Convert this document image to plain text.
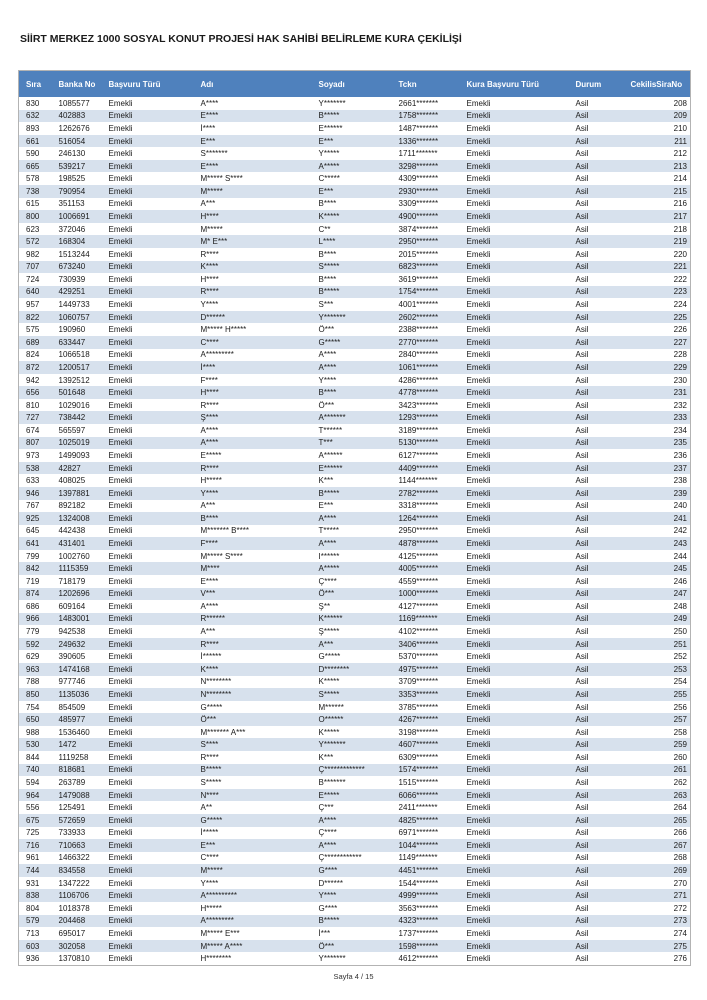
SİİRT MERKEZ 1000 SOSYAL KONUT PROJESİ HAK SAHİBİ BELİRLEME KURA ÇEKİLİŞİ
Sıra	Banka No	Başvuru Türü	Adı	Soyadı	Tckn	Kura Başvuru Türü	Durum	CekilisSiraNo
830	1085577	Emekli	A****	Y*******	2661*******	Emekli	Asil	208
632	402883	Emekli	E****	B*****	1758*******	Emekli	Asil	209
893	1262676	Emekli	İ****	E******	1487*******	Emekli	Asil	210
661	516054	Emekli	E***	E***	1336*******	Emekli	Asil	211
590	246130	Emekli	S*******	Y*****	1711*******	Emekli	Asil	212
665	539217	Emekli	E****	A*****	3298*******	Emekli	Asil	213
578	198525	Emekli	M***** S****	C*****	4309*******	Emekli	Asil	214
738	790954	Emekli	M*****	E***	2930*******	Emekli	Asil	215
615	351153	Emekli	A***	B****	3309*******	Emekli	Asil	216
800	1006691	Emekli	H****	K*****	4900*******	Emekli	Asil	217
623	372046	Emekli	M*****	C**	3874*******	Emekli	Asil	218
572	168304	Emekli	M* E***	L****	2950*******	Emekli	Asil	219
982	1513244	Emekli	R****	B****	2015*******	Emekli	Asil	220
707	673240	Emekli	K****	S*****	6823*******	Emekli	Asil	221
724	730939	Emekli	H****	B****	3619*******	Emekli	Asil	222
640	429251	Emekli	R****	B*****	1754*******	Emekli	Asil	223
957	1449733	Emekli	Y****	S***	4001*******	Emekli	Asil	224
822	1060757	Emekli	D******	Y*******	2602*******	Emekli	Asil	225
575	190960	Emekli	M***** H*****	Ö***	2388*******	Emekli	Asil	226
689	633447	Emekli	C****	G*****	2770*******	Emekli	Asil	227
824	1066518	Emekli	A*********	A****	2840*******	Emekli	Asil	228
872	1200517	Emekli	İ****	A****	1061*******	Emekli	Asil	229
942	1392512	Emekli	F****	Y****	4286*******	Emekli	Asil	230
656	501648	Emekli	H****	B****	4778*******	Emekli	Asil	231
810	1029016	Emekli	R****	Ö***	3423*******	Emekli	Asil	232
727	738442	Emekli	Ş****	A*******	1293*******	Emekli	Asil	233
674	565597	Emekli	A****	T******	3189*******	Emekli	Asil	234
807	1025019	Emekli	A****	T***	5130*******	Emekli	Asil	235
973	1499093	Emekli	E*****	A******	6127*******	Emekli	Asil	236
538	42827	Emekli	R****	E******	4409*******	Emekli	Asil	237
633	408025	Emekli	H*****	K***	1144*******	Emekli	Asil	238
946	1397881	Emekli	Y****	B*****	2782*******	Emekli	Asil	239
767	892182	Emekli	A***	E***	3318*******	Emekli	Asil	240
925	1324008	Emekli	B****	A****	1264*******	Emekli	Asil	241
645	442438	Emekli	M******* B****	T*****	2950*******	Emekli	Asil	242
641	431401	Emekli	F****	A****	4878*******	Emekli	Asil	243
799	1002760	Emekli	M***** S****	I******	4125*******	Emekli	Asil	244
842	1115359	Emekli	M****	A*****	4005*******	Emekli	Asil	245
719	718179	Emekli	E****	Ç****	4559*******	Emekli	Asil	246
874	1202696	Emekli	V***	Ö***	1000*******	Emekli	Asil	247
686	609164	Emekli	A****	Ş**	4127*******	Emekli	Asil	248
966	1483001	Emekli	R******	K******	1169*******	Emekli	Asil	249
779	942538	Emekli	A***	Ş*****	4102*******	Emekli	Asil	250
592	249632	Emekli	R****	A***	3406*******	Emekli	Asil	251
629	390605	Emekli	İ******	G*****	5370*******	Emekli	Asil	252
963	1474168	Emekli	K****	D********	4975*******	Emekli	Asil	253
788	977746	Emekli	N********	K*****	3709*******	Emekli	Asil	254
850	1135036	Emekli	N********	S*****	3353*******	Emekli	Asil	255
754	854509	Emekli	G*****	M******	3785*******	Emekli	Asil	256
650	485977	Emekli	Ö***	O******	4267*******	Emekli	Asil	257
988	1536460	Emekli	M******* A***	K*****	3198*******	Emekli	Asil	258
530	1472	Emekli	S****	Y*******	4607*******	Emekli	Asil	259
844	1119258	Emekli	R****	K***	6309*******	Emekli	Asil	260
740	818681	Emekli	B*****	Ç*************	1574*******	Emekli	Asil	261
594	263789	Emekli	S*****	B*******	1515*******	Emekli	Asil	262
964	1479088	Emekli	N****	E*****	6066*******	Emekli	Asil	263
556	125491	Emekli	A**	Ç***	2411*******	Emekli	Asil	264
675	572659	Emekli	G*****	A****	4825*******	Emekli	Asil	265
725	733933	Emekli	İ*****	Ç****	6971*******	Emekli	Asil	266
716	710663	Emekli	E***	A****	1044*******	Emekli	Asil	267
961	1466322	Emekli	C****	Ç************	1149*******	Emekli	Asil	268
744	834558	Emekli	M*****	G****	4451*******	Emekli	Asil	269
931	1347222	Emekli	Y****	D******	1544*******	Emekli	Asil	270
838	1106706	Emekli	A**********	Y****	4999*******	Emekli	Asil	271
804	1018378	Emekli	H*****	G****	3563*******	Emekli	Asil	272
579	204468	Emekli	A*********	B*****	4323*******	Emekli	Asil	273
713	695017	Emekli	M***** E***	İ***	1737*******	Emekli	Asil	274
603	302058	Emekli	M***** A****	Ö***	1598*******	Emekli	Asil	275
936	1370810	Emekli	H********	Y*******	4612*******	Emekli	Asil	276
Sayfa 4 / 15
